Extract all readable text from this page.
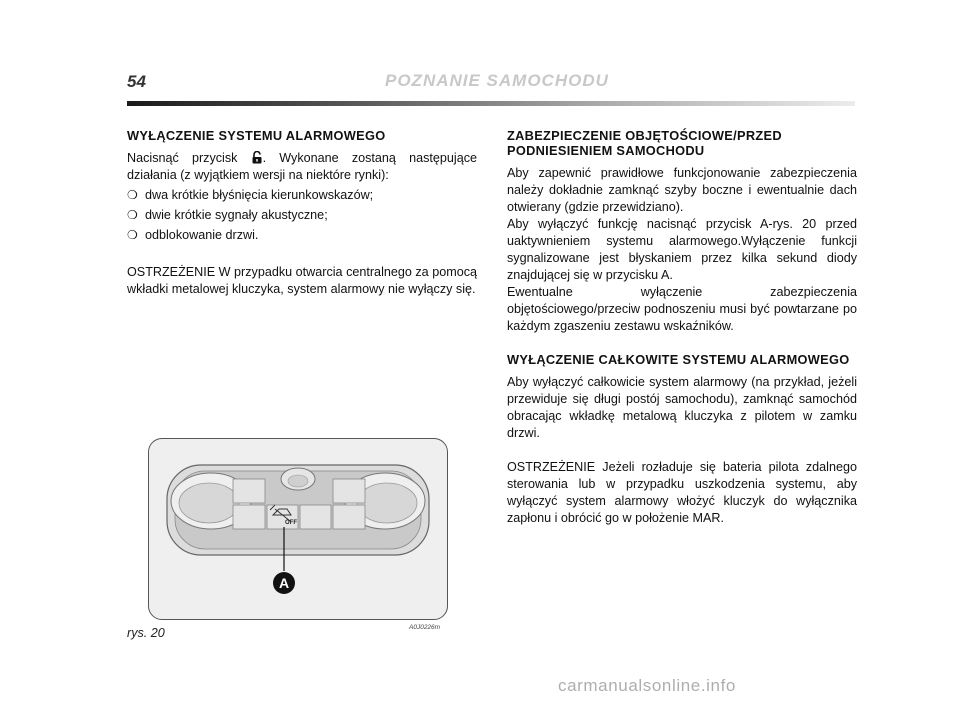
54	POZNANIE SAMOCHODU
WYŁĄCZENIE SYSTEMU ALARMOWEGO

Nacisnąć przycisk . Wykonane zostaną następujące działania (z wyjątkiem wersji na niektóre rynki):

❍ dwa krótkie błyśnięcia kierunkowskazów;
❍ dwie krótkie sygnały akustyczne;
❍ odblokowanie drzwi.

OSTRZEŻENIE W przypadku otwarcia centralnego za pomocą wkładki metalowej kluczyka, system alarmowy nie wyłączy się.

ZABEZPIECZENIE OBJĘTOŚCIOWE/PRZED PODNIESIENIEM SAMOCHODU

Aby zapewnić prawidłowe funkcjonowanie zabezpieczenia należy dokładnie zamknąć szyby boczne i ewentualnie dach otwierany (gdzie przewidziano).

Aby wyłączyć funkcję nacisnąć przycisk A-rys. 20 przed uaktywnieniem systemu alarmowego.Wyłączenie funkcji sygnalizowane jest błyskaniem przez kilka sekund diody znajdującej się w przycisku A.

Ewentualne wyłączenie zabezpieczenia objętościowego/przeciw podnoszeniu musi być powtarzane po każdym zgaszeniu zestawu wskaźników.

WYŁĄCZENIE CAŁKOWITE SYSTEMU ALARMOWEGO

Aby wyłączyć całkowicie system alarmowy (na przykład, jeżeli przewiduje się długi postój samochodu), zamknąć samochód obracając wkładkę metalową kluczyka z pilotem w zamku drzwi.

OSTRZEŻENIE Jeżeli rozładuje się bateria pilota zdalnego sterowania lub w przypadku uszkodzenia systemu, aby wyłączyć system alarmowy włożyć kluczyk do wyłącznika zapłonu i obrócić go w położenie MAR.

OFF
A
rys. 20	A0J0226m
carmanualsonline.info
